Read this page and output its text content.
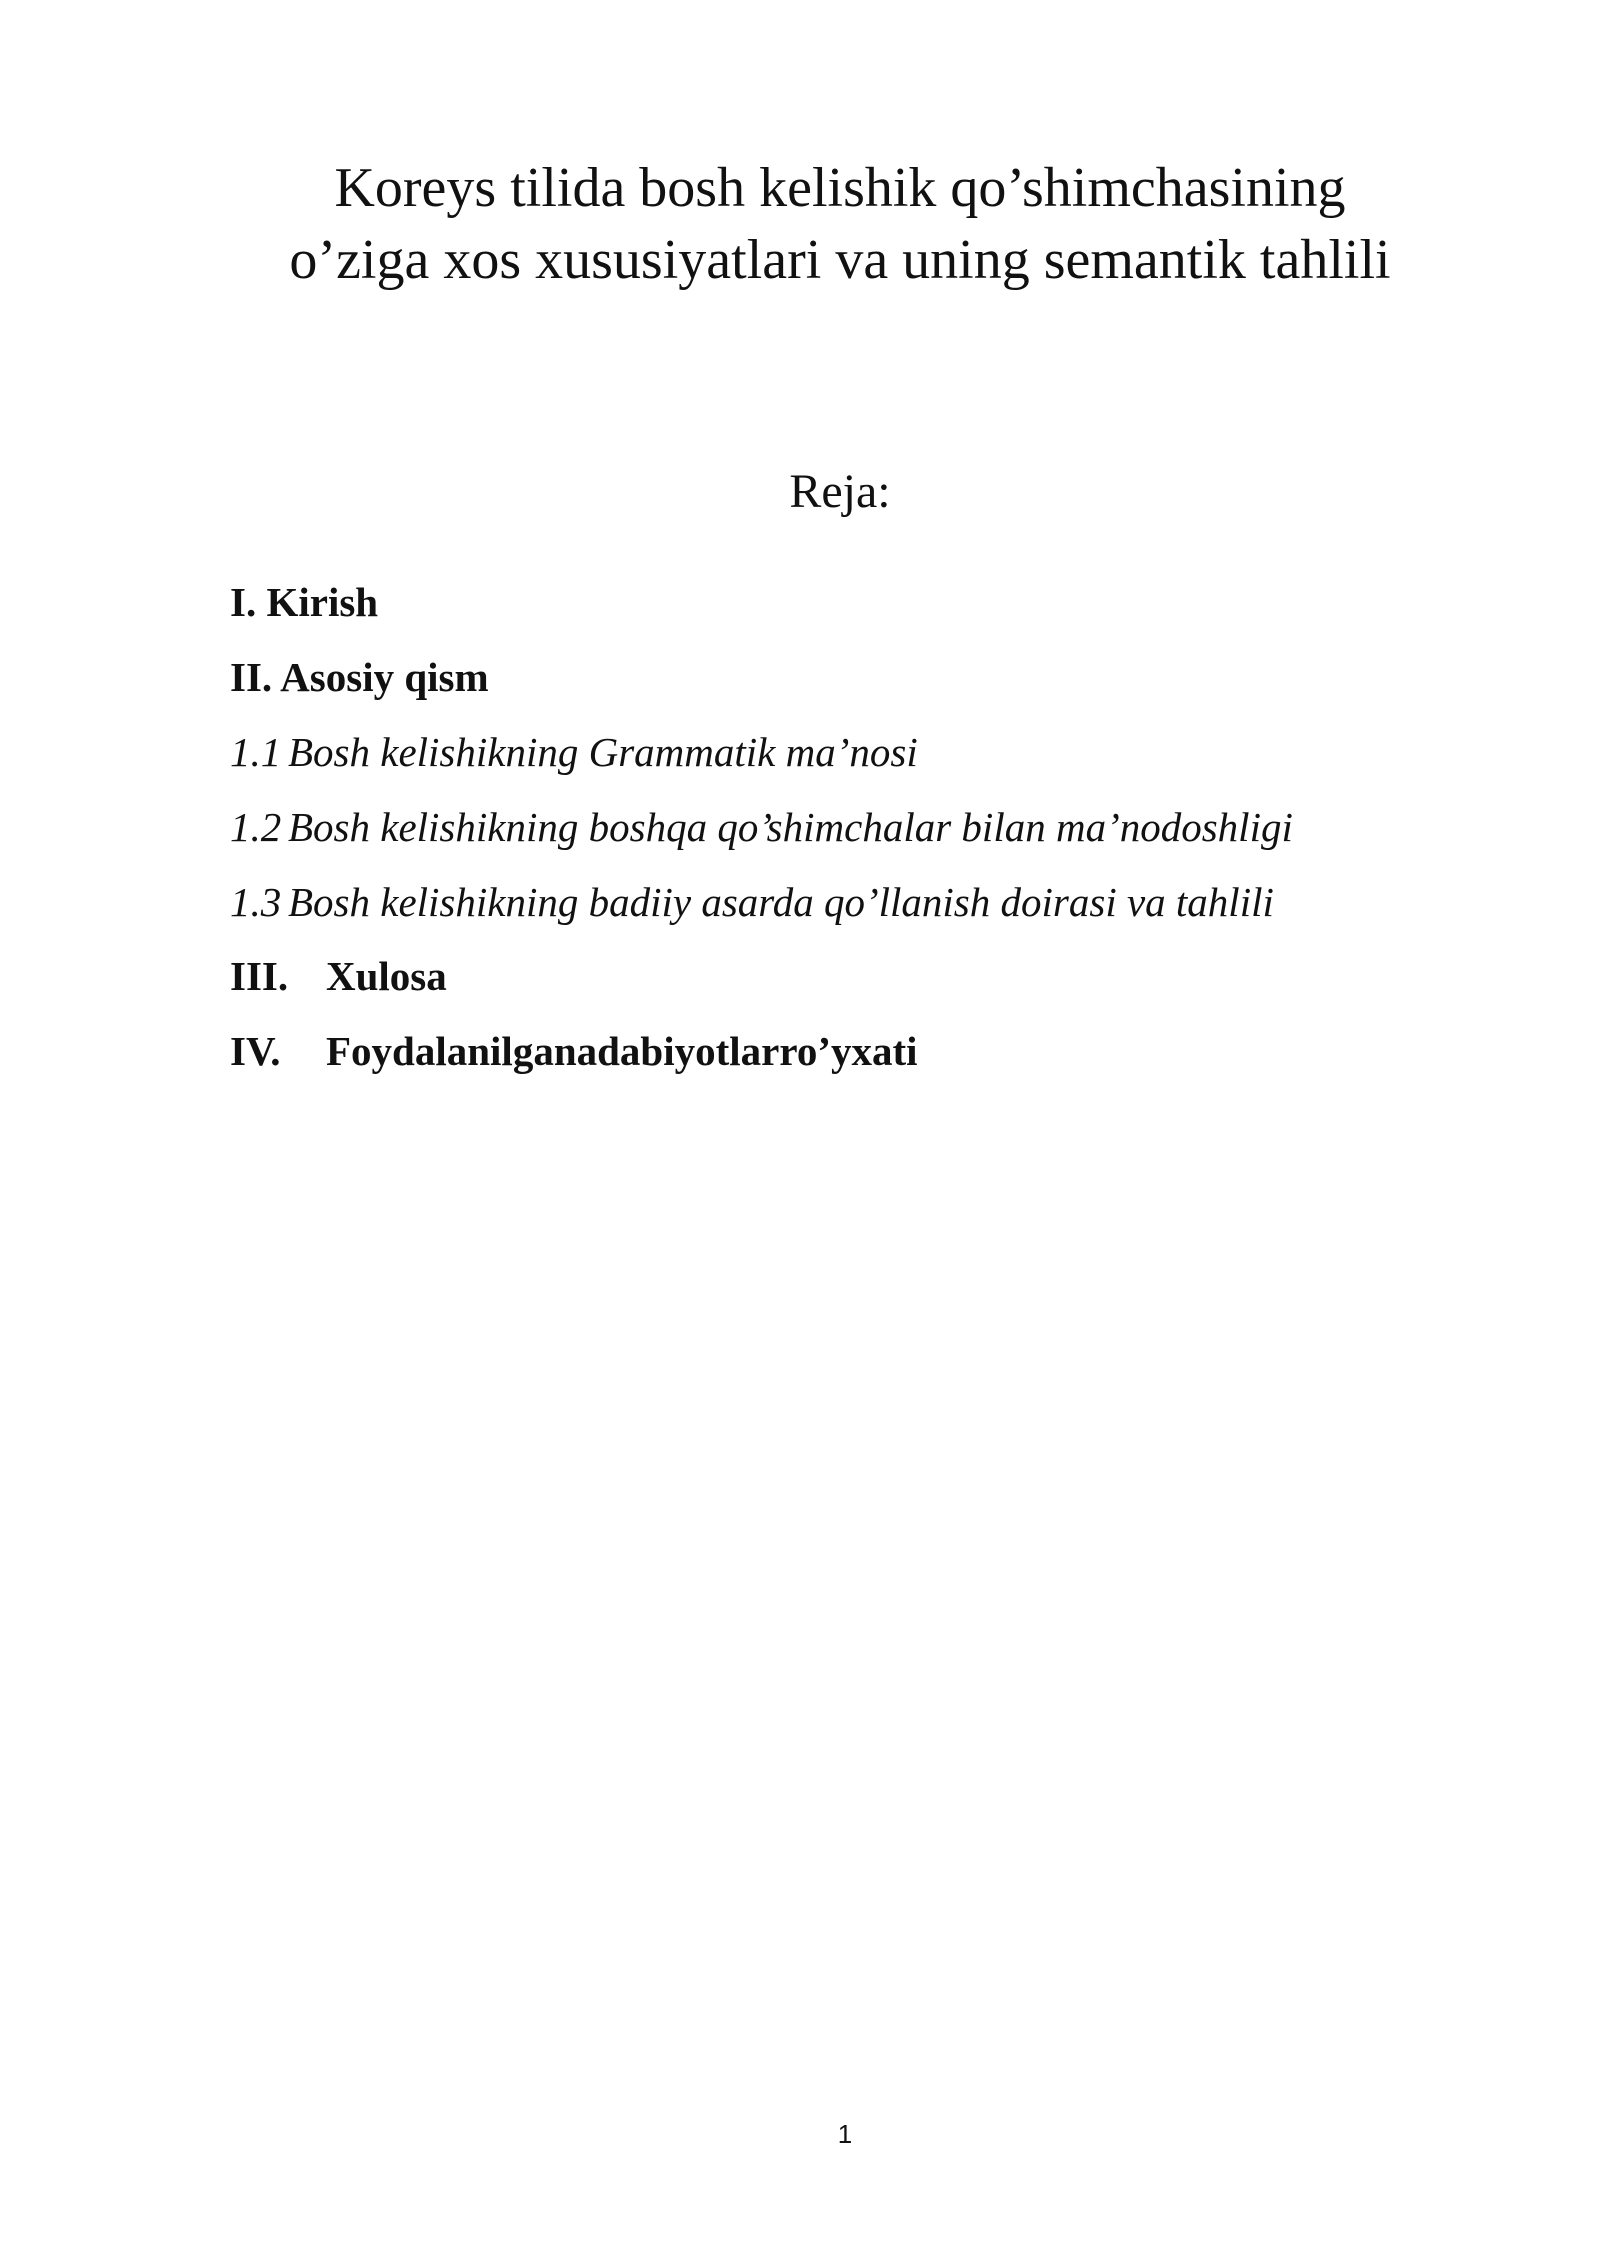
Koreys tilida bosh kelishik qo’shimchasining
o’ziga xos xususiyatlari va uning semantik tahlili
Reja:
I. Kirish
II. Asosiy qism
1.1 Bosh kelishikning Grammatik ma’nosi
1.2 Bosh kelishikning boshqa qo’shimchalar bilan ma’nodoshligi
1.3 Bosh kelishikning badiiy asarda qo’llanish doirasi va tahlili
III. Xulosa
IV. Foydalanilganadabiyotlarro’yxati
1
